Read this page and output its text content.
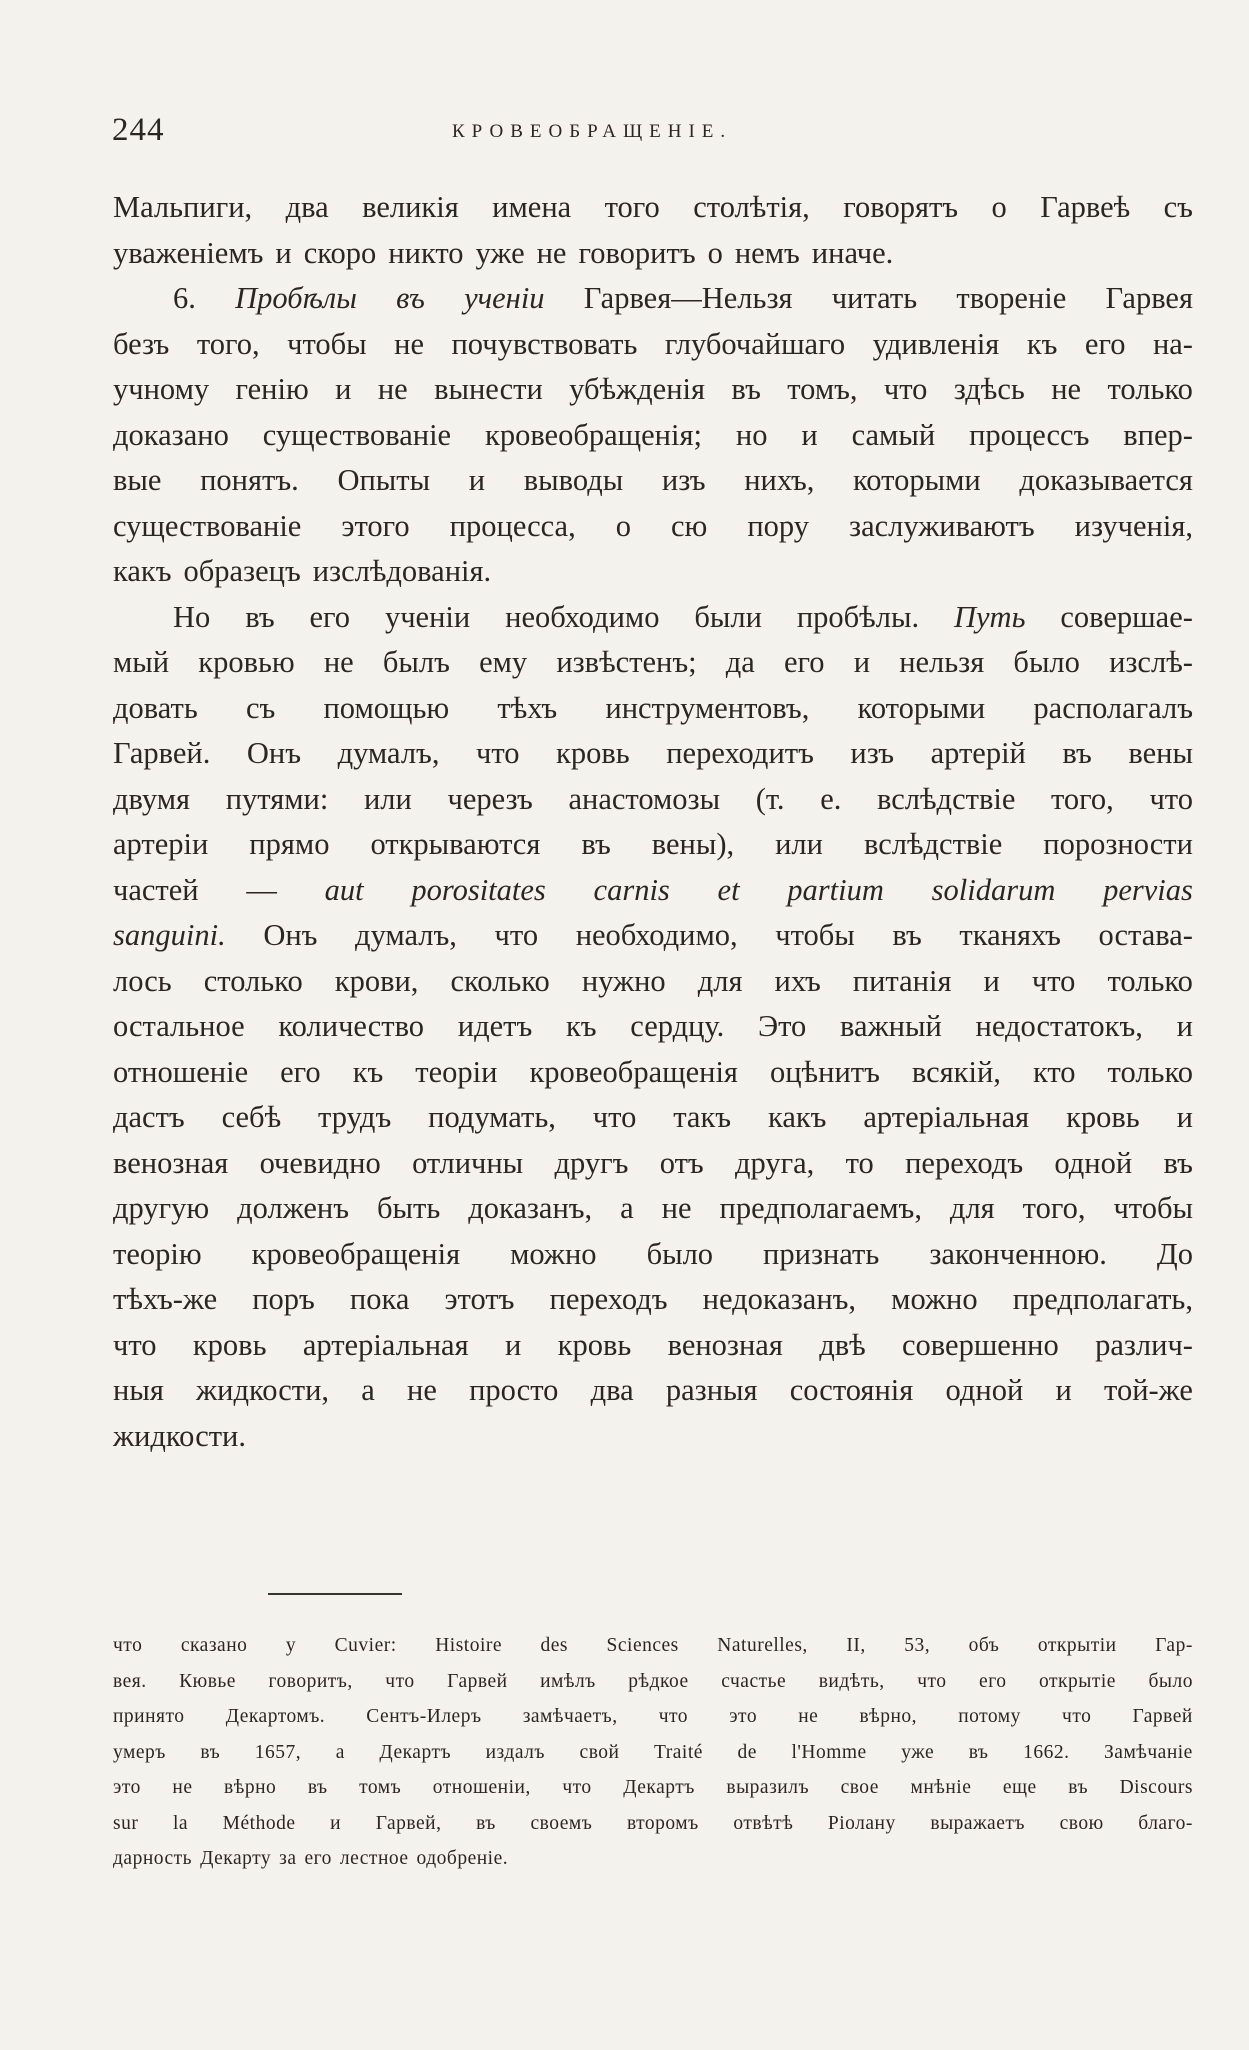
244	КРОВЕОБРАЩЕНІЕ.
Мальпиги, два великія имена того столѣтія, говорятъ о Гарвеѣ съ
уваженіемъ и скоро никто уже не говоритъ о немъ иначе.
6. Пробѣлы въ ученіи Гарвея—Нельзя читать твореніе Гарвея
безъ того, чтобы не почувствовать глубочайшаго удивленія къ его на-
учному генію и не вынести убѣжденія въ томъ, что здѣсь не только
доказано существованіе кровеобращенія; но и самый процессъ впер-
вые понятъ. Опыты и выводы изъ нихъ, которыми доказывается
существованіе этого процесса, о сю пору заслуживаютъ изученія,
какъ образецъ изслѣдованія.
Но въ его ученіи необходимо были пробѣлы. Путь совершае-
мый кровью не былъ ему извѣстенъ; да его и нельзя было изслѣ-
довать съ помощью тѣхъ инструментовъ, которыми располагалъ
Гарвей. Онъ думалъ, что кровь переходитъ изъ артерій въ вены
двумя путями: или черезъ анастомозы (т. е. вслѣдствіе того, что
артеріи прямо открываются въ вены), или вслѣдствіе порозности
частей — aut porositates carnis et partium solidarum pervias
sanguini. Онъ думалъ, что необходимо, чтобы въ тканяхъ остава-
лось столько крови, сколько нужно для ихъ питанія и что только
остальное количество идетъ къ сердцу. Это важный недостатокъ, и
отношеніе его къ теоріи кровеобращенія оцѣнитъ всякій, кто только
дастъ себѣ трудъ подумать, что такъ какъ артеріальная кровь и
венозная очевидно отличны другъ отъ друга, то переходъ одной въ
другую долженъ быть доказанъ, а не предполагаемъ, для того, чтобы
теорію кровеобращенія можно было признать законченною. До
тѣхъ-же поръ пока этотъ переходъ недоказанъ, можно предполагать,
что кровь артеріальная и кровь венозная двѣ совершенно различ-
ныя жидкости, а не просто два разныя состоянія одной и той-же
жидкости.
что сказано у Cuvier: Histoire des Sciences Naturelles, II, 53, объ открытіи Гар-
вея. Кювье говоритъ, что Гарвей имѣлъ рѣдкое счастье видѣть, что его открытіе было
принято Декартомъ. Сентъ-Илеръ замѣчаетъ, что это не вѣрно, потому что Гарвей
умеръ въ 1657, а Декартъ издалъ свой Traité de l'Homme уже въ 1662. Замѣчаніе
это не вѣрно въ томъ отношеніи, что Декартъ выразилъ свое мнѣніе еще въ Discours
sur la Méthode и Гарвей, въ своемъ второмъ отвѣтѣ Ріолану выражаетъ свою благо-
дарность Декарту за его лестное одобреніе.
